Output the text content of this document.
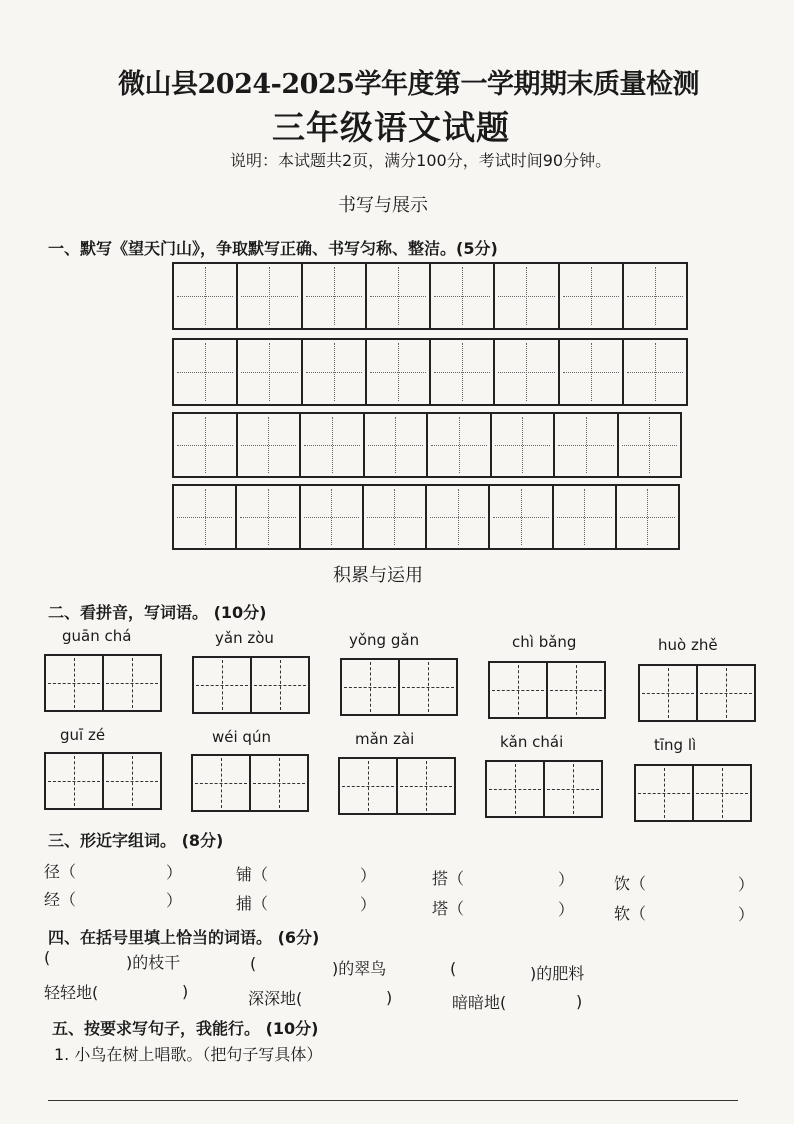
微山县2024-2025学年度第一学期期末质量检测
三年级语文试题
说明：本试题共2页，满分100分，考试时间90分钟。
书写与展示
一、默写《望天门山》，争取默写正确、书写匀称、整洁。(5分)
积累与运用
二、看拼音，写词语。 (10分)
guān chá	yǎn zòu	yǒng gǎn	chì bǎng	huò zhě
guī zé	wéi qún	mǎn zài	kǎn chái	tīng lì
三、形近字组词。 (8分)
径（	）	铺（	）	搭（	） 饮（	）
经（	）	捕（	）	塔（	） 软（	）
四、在括号里填上恰当的词语。 (6分)
(	)的枝干	(	)的翠鸟	(	)的肥料
轻轻地(	)	深深地(	)	暗暗地(	)
五、按要求写句子，我能行。 (10分)
1. 小鸟在树上唱歌。（把句子写具体）
